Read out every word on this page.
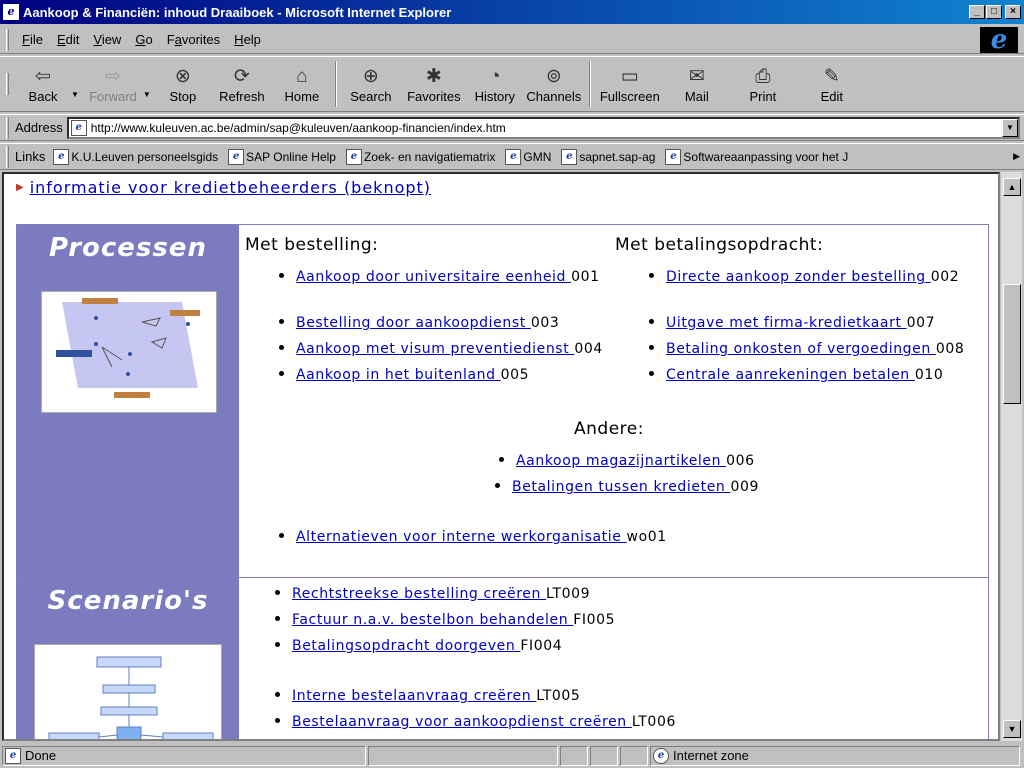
e Aankoop & Financiën: inhoud Draaiboek - Microsoft Internet Explorer	_	□	×
File	Edit	View	Go	Favorites	Help	e
⇦
Back ▼
⇨
Forward ▼
⊗
Stop
⟳
Refresh
⌂
Home
⊕
Search
✱
Favorites
◔
History
⊚
Channels
▭
Fullscreen
✉
Mail
⎙
Print
✎
Edit
Address	e http://www.kuleuven.ac.be/admin/sap@kuleuven/aankoop-financien/index.htm	▼
Links	e K.U.Leuven personeelsgids	e SAP Online Help	e Zoek- en navigatiematrix	e GMN	e sapnet.sap-ag	e Softwareaanpassing voor het J	▶
▶ informatie voor kredietbeheerders (beknopt)
Processen	Met bestelling:	Met betalingsopdracht:
Aankoop door universitaire eenheid 001
Bestelling door aankoopdienst 003
Aankoop met visum preventiedienst 004
Aankoop in het buitenland 005
Directe aankoop zonder bestelling 002
Uitgave met firma-kredietkaart 007
Betaling onkosten of vergoedingen 008
Centrale aanrekeningen betalen 010
Andere:
Aankoop magazijnartikelen 006
Betalingen tussen kredieten 009
Alternatieven voor interne werkorganisatie wo01
Scenario's	Rechtstreekse bestelling creëren LT009
Factuur n.a.v. bestelbon behandelen FI005
Betalingsopdracht doorgeven FI004
Interne bestelaanvraag creëren LT005
Bestelaanvraag voor aankoopdienst creëren LT006
▲
▼
e Done	e Internet zone
